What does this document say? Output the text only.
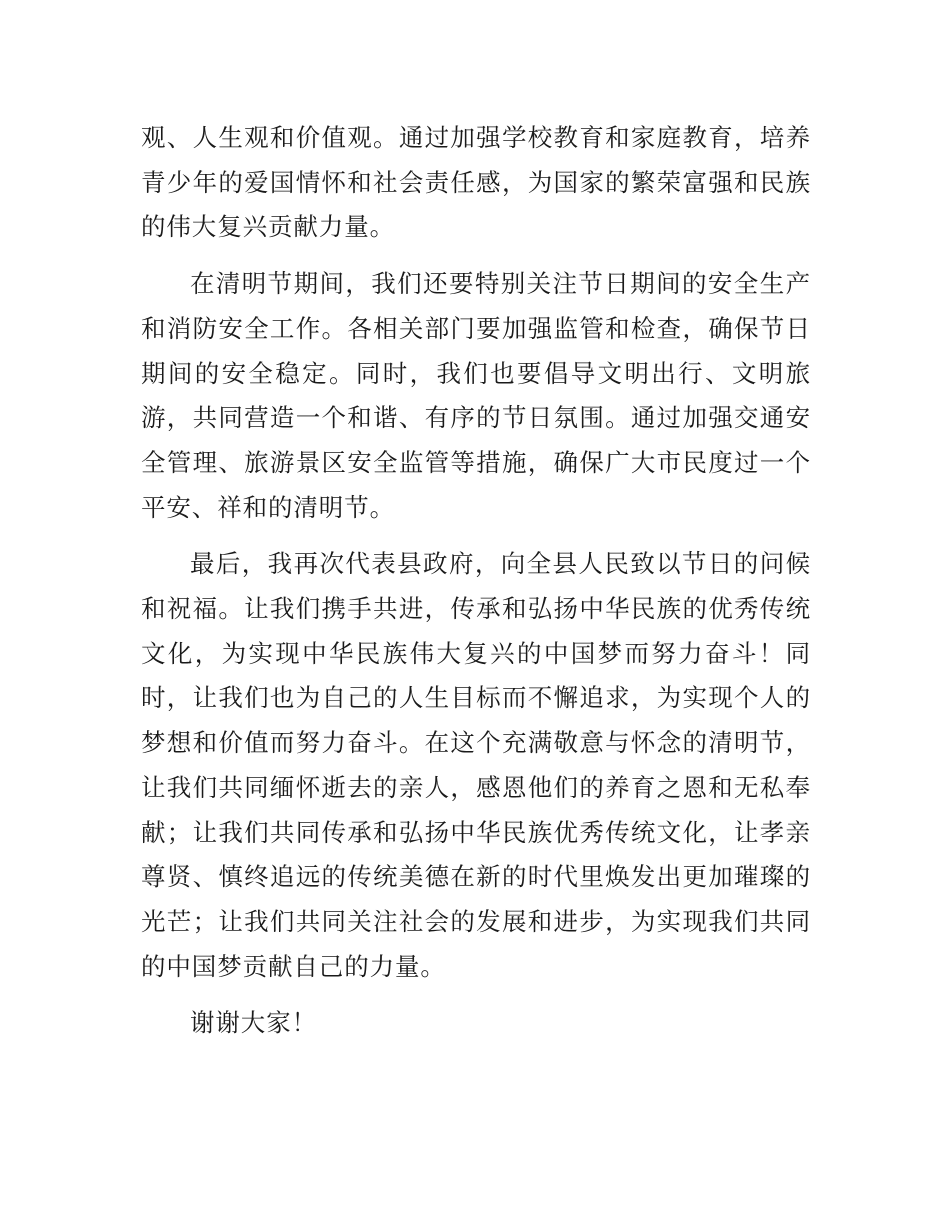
观、人生观和价值观。通过加强学校教育和家庭教育，培养青少年的爱国情怀和社会责任感，为国家的繁荣富强和民族的伟大复兴贡献力量。

在清明节期间，我们还要特别关注节日期间的安全生产和消防安全工作。各相关部门要加强监管和检查，确保节日期间的安全稳定。同时，我们也要倡导文明出行、文明旅游，共同营造一个和谐、有序的节日氛围。通过加强交通安全管理、旅游景区安全监管等措施，确保广大市民度过一个平安、祥和的清明节。

最后，我再次代表县政府，向全县人民致以节日的问候和祝福。让我们携手共进，传承和弘扬中华民族的优秀传统文化，为实现中华民族伟大复兴的中国梦而努力奋斗！同时，让我们也为自己的人生目标而不懈追求，为实现个人的梦想和价值而努力奋斗。在这个充满敬意与怀念的清明节，让我们共同缅怀逝去的亲人，感恩他们的养育之恩和无私奉献；让我们共同传承和弘扬中华民族优秀传统文化，让孝亲尊贤、慎终追远的传统美德在新的时代里焕发出更加璀璨的光芒；让我们共同关注社会的发展和进步，为实现我们共同的中国梦贡献自己的力量。

谢谢大家！
